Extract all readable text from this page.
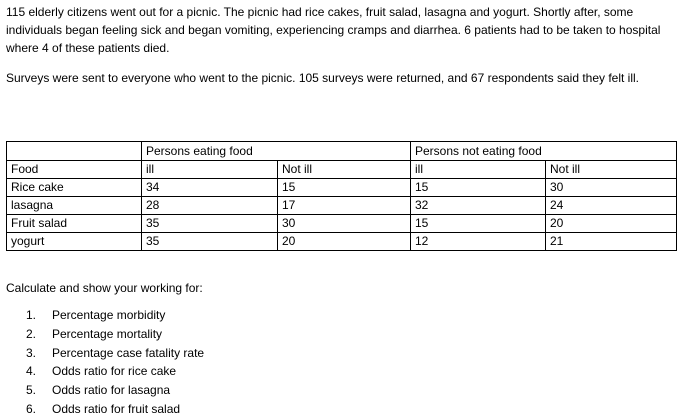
115 elderly citizens went out for a picnic. The picnic had rice cakes, fruit salad, lasagna and yogurt. Shortly after, some individuals began feeling sick and began vomiting, experiencing cramps and diarrhea. 6 patients had to be taken to hospital where 4 of these patients died.

Surveys were sent to everyone who went to the picnic. 105 surveys were returned, and 67 respondents said they felt ill.

	Persons eating food		Persons not eating food	
Food	ill	Not ill	ill	Not ill
Rice cake	34	15	15	30
lasagna	28	17	32	24
Fruit salad	35	30	15	20
yogurt	35	20	12	21

Calculate and show your working for:

1.	Percentage morbidity
2.	Percentage mortality
3.	Percentage case fatality rate
4.	Odds ratio for rice cake
5.	Odds ratio for lasagna
6.	Odds ratio for fruit salad
